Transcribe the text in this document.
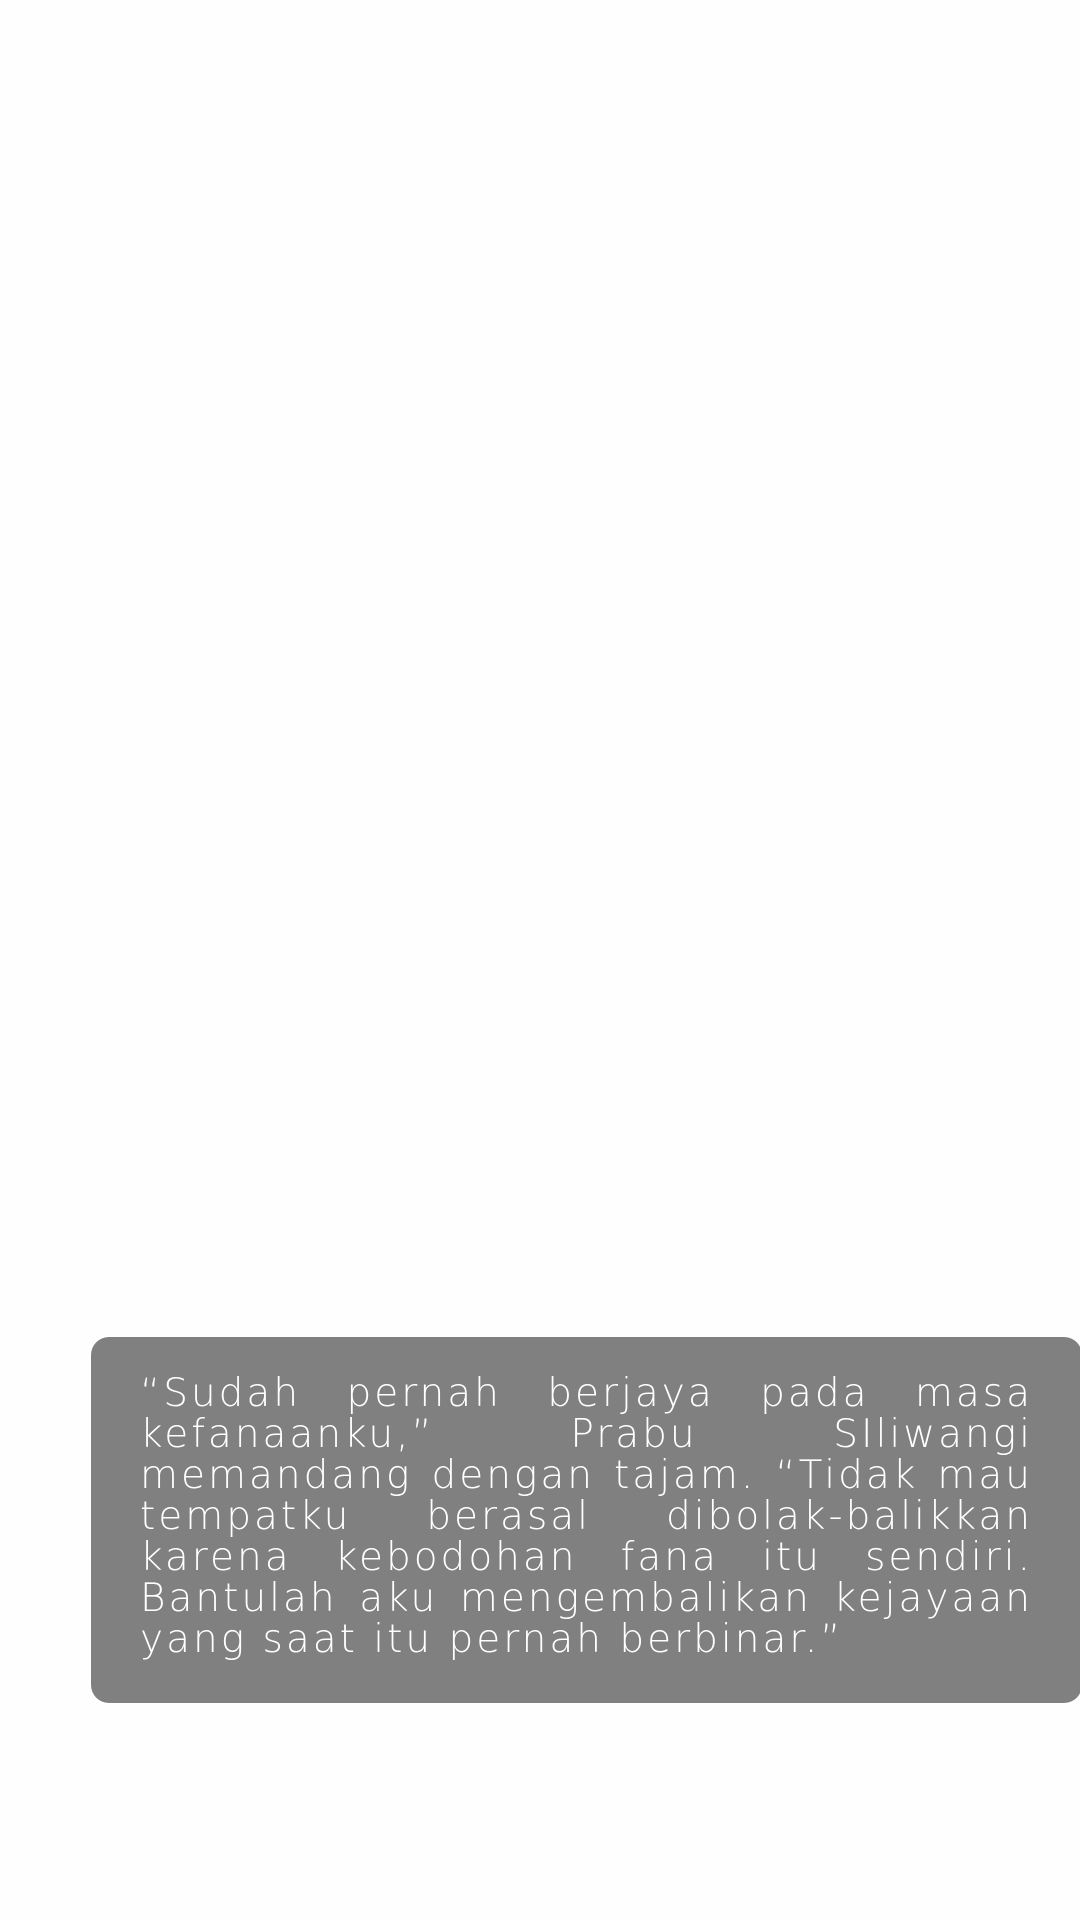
“Sudah pernah berjaya pada masa kefanaanku,” Prabu SIliwangi memandang dengan tajam. “Tidak mau tempatku berasal dibolak-balikkan karena kebodohan fana itu sendiri. Bantulah aku mengembalikan kejayaan yang saat itu pernah berbinar.”
